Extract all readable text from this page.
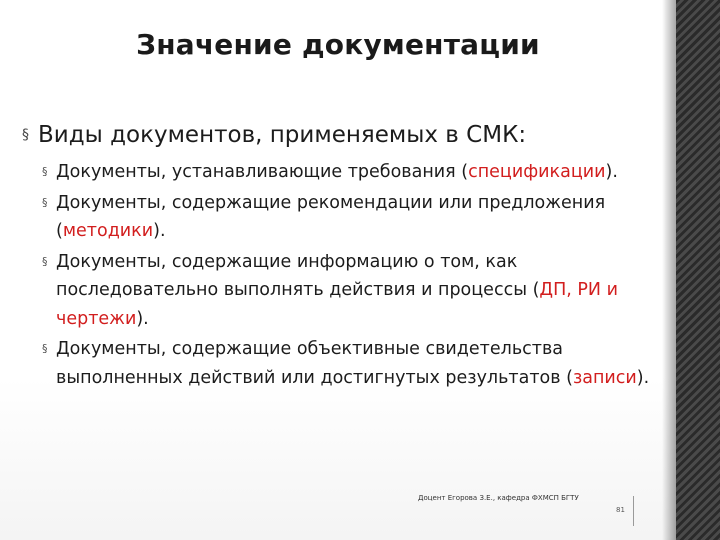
Значение документации
§ Виды документов, применяемых в СМК:
§ Документы, устанавливающие требования (спецификации).
§ Документы, содержащие рекомендации или предложения (методики).
§ Документы, содержащие информацию о том, как последовательно выполнять действия и процессы (ДП, РИ и чертежи).
§ Документы, содержащие объективные свидетельства выполненных действий или достигнутых результатов (записи).
Доцент Егорова З.Е., кафедра ФХМСП БГТУ
81
